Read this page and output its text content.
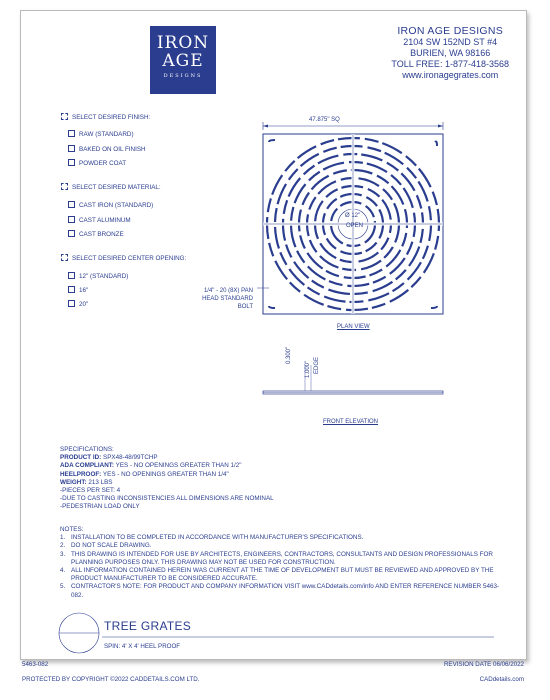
IRON
AGE
DESIGNS
IRON AGE DESIGNS
2104 SW 152ND ST #4
BURIEN, WA 98166
TOLL FREE: 1-877-418-3568
www.ironagegrates.com
SELECT DESIRED FINISH:
RAW (STANDARD)
BAKED ON OIL FINISH
POWDER COAT
SELECT DESIRED MATERIAL:
CAST IRON (STANDARD)
CAST ALUMINUM
CAST BRONZE
SELECT DESIRED CENTER OPENING:
12" (STANDARD)
16"
20"
47.875" SQ
Ø 12"
OPEN
1/4" - 20 (8X) PAN
HEAD STANDARD
BOLT
PLAN VIEW
0.300"
1.000" EDGE
FRONT ELEVATION
SPECIFICATIONS:
PRODUCT ID: SPX48-48/99TCHP
ADA COMPLIANT: YES - NO OPENINGS GREATER THAN 1/2"
HEELPROOF: YES - NO OPENINGS GREATER THAN 1/4"
WEIGHT: 213 LBS
-PIECES PER SET: 4
-DUE TO CASTING INCONSISTENCIES ALL DIMENSIONS ARE NOMINAL
-PEDESTRIAN LOAD ONLY
NOTES:
1. INSTALLATION TO BE COMPLETED IN ACCORDANCE WITH MANUFACTURER'S SPECIFICATIONS.
2. DO NOT SCALE DRAWING.
3. THIS DRAWING IS INTENDED FOR USE BY ARCHITECTS, ENGINEERS, CONTRACTORS, CONSULTANTS AND DESIGN PROFESSIONALS FOR PLANNING PURPOSES ONLY. THIS DRAWING MAY NOT BE USED FOR CONSTRUCTION.
4. ALL INFORMATION CONTAINED HEREIN WAS CURRENT AT THE TIME OF DEVELOPMENT BUT MUST BE REVIEWED AND APPROVED BY THE PRODUCT MANUFACTURER TO BE CONSIDERED ACCURATE.
5. CONTRACTOR'S NOTE: FOR PRODUCT AND COMPANY INFORMATION VISIT www.CADdetails.com/info AND ENTER REFERENCE NUMBER 5463-082.
TREE GRATES
SPIN: 4' X 4' HEEL PROOF
5463-082	REVISION DATE 06/06/2022
PROTECTED BY COPYRIGHT ©2022 CADDETAILS.COM LTD.	CADdetails.com
